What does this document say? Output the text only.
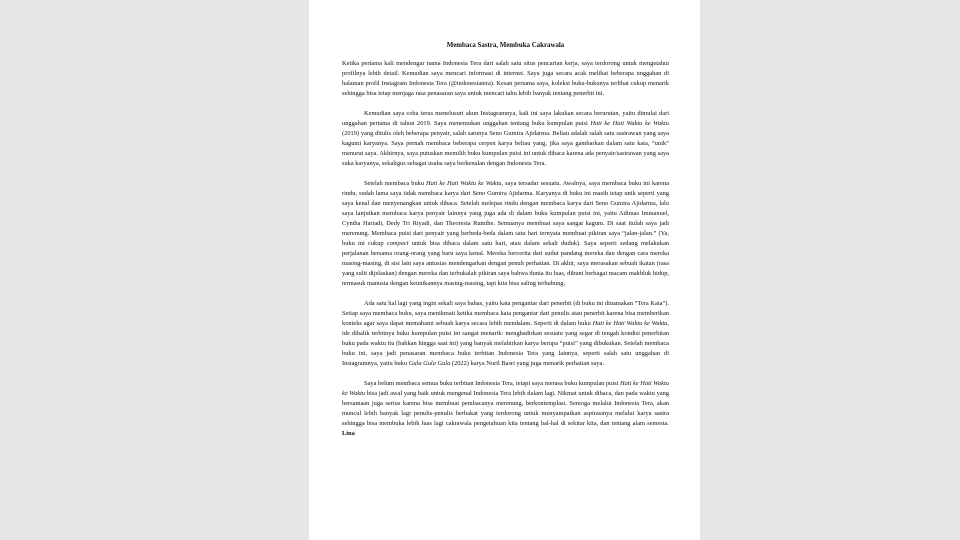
Membaca Sastra, Membuka Cakrawala

Ketika pertama kali mendengar nama Indonesia Tera dari salah satu situs pencarian kerja, saya terdorong untuk mengetahui profilnya lebih detail. Kemudian saya mencari informasi di internet. Saya juga secara acak melihat beberapa unggahan di halaman profil Instagram Indonesia Tera (@indonesiatera). Kesan pertama saya, koleksi buku-bukunya terlihat cukup menarik sehingga bisa tetap menjaga rasa penasaran saya untuk mencari tahu lebih banyak tentang penerbit ini.

Kemudian saya coba terus menelusuri akun Instagramnya, kali ini saya lakukan secara berurutan, yaitu dimulai dari unggahan pertama di tahun 2019. Saya menemukan unggahan tentang buku kumpulan puisi Hati ke Hati Waktu ke Waktu (2019) yang ditulis oleh beberapa penyair, salah satunya Seno Gumira Ajidarma. Beliau adalah salah satu sastrawan yang saya kagumi karyanya. Saya pernah membaca beberapa cerpen karya beliau yang, jika saya gambarkan dalam satu kata, “unik” menurut saya. Akhirnya, saya putuskan memilih buku kumpulan puisi ini untuk dibaca karena ada penyair/sastrawan yang saya suka karyanya, sekaligus sebagai usaha saya berkenalan dengan Indonesia Tera.

Setelah membaca buku Hati ke Hati Waktu ke Waktu, saya tersadar sesuatu. Awalnya, saya membaca buku ini karena rindu, sudah lama saya tidak membaca karya dari Seno Gumira Ajidarma. Karyanya di buku ini masih tetap unik seperti yang saya kenal dan menyenangkan untuk dibaca. Setelah melepas rindu dengan membaca karya dari Seno Gumira Ajidarma, lalu saya lanjutkan membaca karya penyair lainnya yang juga ada di dalam buku kumpulan puisi ini, yaitu Adimas Immanuel, Cyntha Hariadi, Dedy Tri Riyadi, dan Theoresia Rumthe. Semuanya membuat saya sangat kagum. Di saat itulah saya jadi merenung. Membaca puisi dari penyair yang berbeda-beda dalam satu hari ternyata membuat pikiran saya “jalan-jalan.” (Ya, buku ini cukup compact untuk bisa dibaca dalam satu hari, atau dalam sekali duduk). Saya seperti sedang melakukan perjalanan bersama orang-orang yang baru saya kenal. Mereka bercerita dari sudut pandang mereka dan dengan cara mereka masing-masing, di sisi lain saya antusias mendengarkan dengan penuh perhatian. Di akhir, saya merasakan sebuah ikatan (rasa yang sulit dijelaskan) dengan mereka dan terbukalah pikiran saya bahwa dunia itu luas, dihuni berbagai macam makhluk hidup, termasuk manusia dengan keunikannya masing-masing, tapi kita bisa saling terhubung.

Ada satu hal lagi yang ingin sekali saya bahas, yaitu kata pengantar dari penerbit (di buku ini dinamakan “Tera Kata”). Setiap saya membaca buku, saya menikmati ketika membaca kata pengantar dari penulis atau penerbit karena bisa memberikan konteks agar saya dapat memahami sebuah karya secara lebih mendalam. Seperti di dalam buku Hati ke Hati Waktu ke Waktu, ide dibalik terbitnya buku kumpulan puisi ini sangat menarik: menghadirkan sesuatu yang segar di tengah kondisi penerbitan buku pada waktu itu (bahkan hingga saat ini) yang banyak melahirkan karya berupa “puisi” yang dibukukan. Setelah membaca buku ini, saya jadi penasaran membaca buku terbitan Indonesia Tera yang lainnya, seperti salah satu unggahan di Instagramnya, yaitu buku Gula Gula Gula (2022) karya Nuril Basri yang juga menarik perhatian saya.

Saya belum membaca semua buku terbitan Indonesia Tera, tetapi saya merasa buku kumpulan puisi Hati ke Hati Waktu ke Waktu bisa jadi awal yang baik untuk mengenal Indonesia Tera lebih dalam lagi. Nikmat untuk dibaca, dan pada waktu yang bersamaan juga serius karena bisa membuat pembacanya merenung, berkontemplasi. Semoga melalui Indonesia Tera, akan muncul lebih banyak lagi penulis-penulis berbakat yang terdorong untuk menyampaikan aspirasinya melalui karya sastra sehingga bisa membuka lebih luas lagi cakrawala pengetahuan kita tentang hal-hal di sekitar kita, dan tentang alam semesta. Lina
